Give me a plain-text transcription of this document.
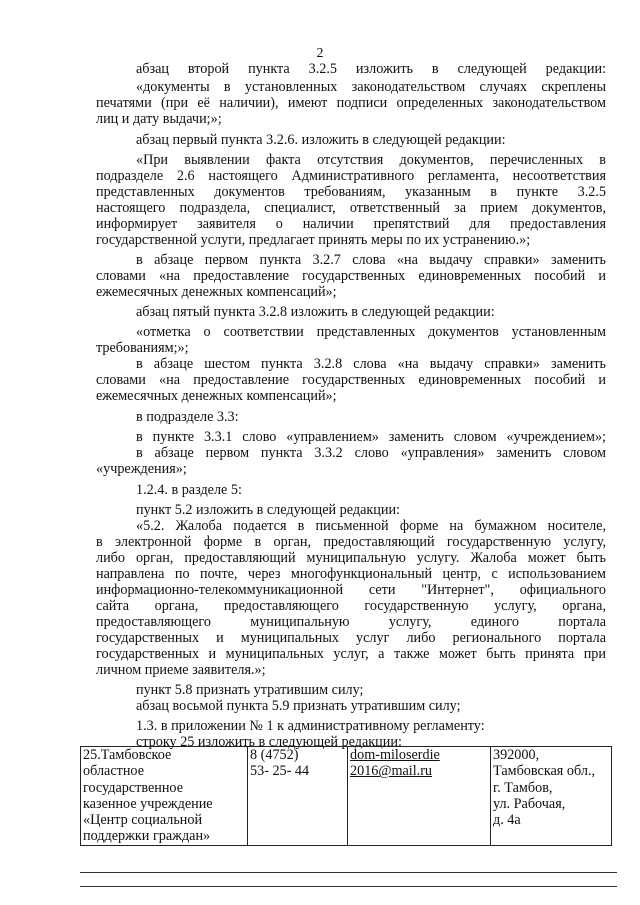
2
абзац второй пункта 3.2.5 изложить в следующей редакции:
«документы в установленных законодательством случаях скреплены
печатями (при её наличии), имеют подписи определенных законодательством
лиц и дату выдачи;»;
абзац первый пункта 3.2.6. изложить в следующей редакции:
«При выявлении факта отсутствия документов, перечисленных в
подразделе 2.6 настоящего Административного регламента, несоответствия
представленных документов требованиям, указанным в пункте 3.2.5
настоящего подраздела, специалист, ответственный за прием документов,
информирует заявителя о наличии препятствий для предоставления
государственной услуги, предлагает принять меры по их устранению.»;
в абзаце первом пункта 3.2.7 слова «на выдачу справки» заменить
словами «на предоставление государственных единовременных пособий и
ежемесячных денежных компенсаций»;
абзац пятый пункта 3.2.8 изложить в следующей редакции:
«отметка о соответствии представленных документов установленным
требованиям;»;
в абзаце шестом пункта 3.2.8 слова «на выдачу справки» заменить
словами «на предоставление государственных единовременных пособий и
ежемесячных денежных компенсаций»;
в подразделе 3.3:
в пункте 3.3.1 слово «управлением» заменить словом «учреждением»;
в абзаце первом пункта 3.3.2 слово «управления» заменить словом
«учреждения»;
1.2.4. в разделе 5:
пункт 5.2 изложить в следующей редакции:
«5.2. Жалоба подается в письменной форме на бумажном носителе,
в электронной форме в орган, предоставляющий государственную услугу,
либо орган, предоставляющий муниципальную услугу. Жалоба может быть
направлена по почте, через многофункциональный центр, с использованием
информационно-телекоммуникационной сети "Интернет", официального
сайта органа, предоставляющего государственную услугу, органа,
предоставляющего муниципальную услугу, единого портала
государственных и муниципальных услуг либо регионального портала
государственных и муниципальных услуг, а также может быть принята при
личном приеме заявителя.»;
пункт 5.8 признать утратившим силу;
абзац восьмой пункта 5.9 признать утратившим силу;
1.3. в приложении № 1 к административному регламенту:
строку 25 изложить в следующей редакции:
25.Тамбовское
областное
государственное
казенное учреждение
«Центр социальной
поддержки граждан»

8 (4752)
53- 25- 44

dom-miloserdie
2016@mail.ru

392000,
Тамбовская обл.,
г. Тамбов,
ул. Рабочая,
д. 4а
